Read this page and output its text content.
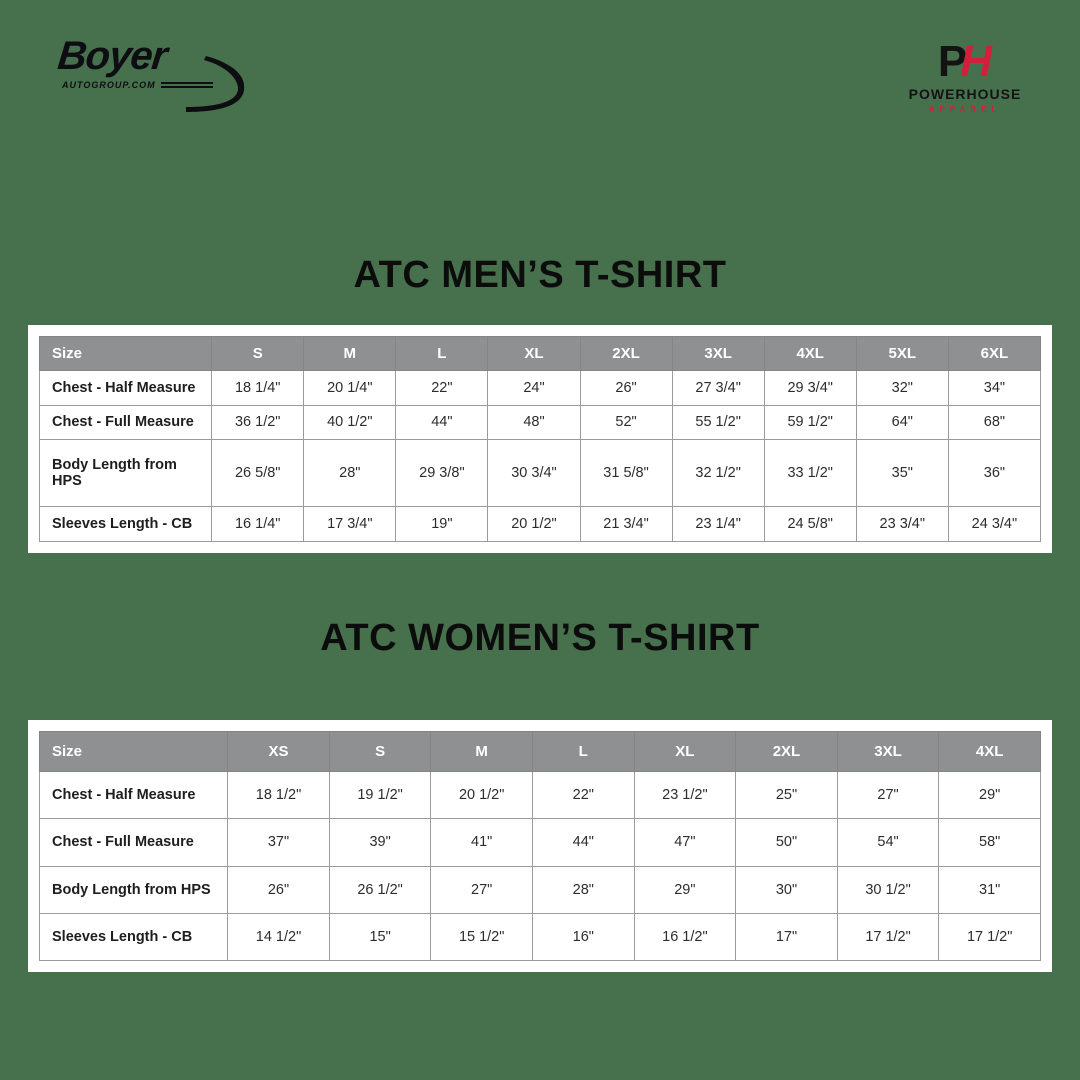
Boyer
AUTOGROUP.COM	P
H
POWERHOUSE
APPAREL
ATC MEN’S T-SHIRT
ATC WOMEN’S T-SHIRT
Size	S	M	L	XL	2XL	3XL	4XL	5XL	6XL
Chest - Half Measure	18 1/4"	20 1/4"	22"	24"	26"	27 3/4"	29 3/4"	32"	34"
Chest - Full Measure	36 1/2"	40 1/2"	44"	48"	52"	55 1/2"	59 1/2"	64"	68"
Body Length from HPS	26 5/8"	28"	29 3/8"	30 3/4"	31 5/8"	32 1/2"	33 1/2"	35"	36"
Sleeves Length - CB	16 1/4"	17 3/4"	19"	20 1/2"	21 3/4"	23 1/4"	24 5/8"	23 3/4"	24 3/4"
Size	XS	S	M	L	XL	2XL	3XL	4XL
Chest - Half Measure	18 1/2"	19 1/2"	20 1/2"	22"	23 1/2"	25"	27"	29"
Chest - Full Measure	37"	39"	41"	44"	47"	50"	54"	58"
Body Length from HPS	26"	26 1/2"	27"	28"	29"	30"	30 1/2"	31"
Sleeves Length - CB	14 1/2"	15"	15 1/2"	16"	16 1/2"	17"	17 1/2"	17 1/2"
